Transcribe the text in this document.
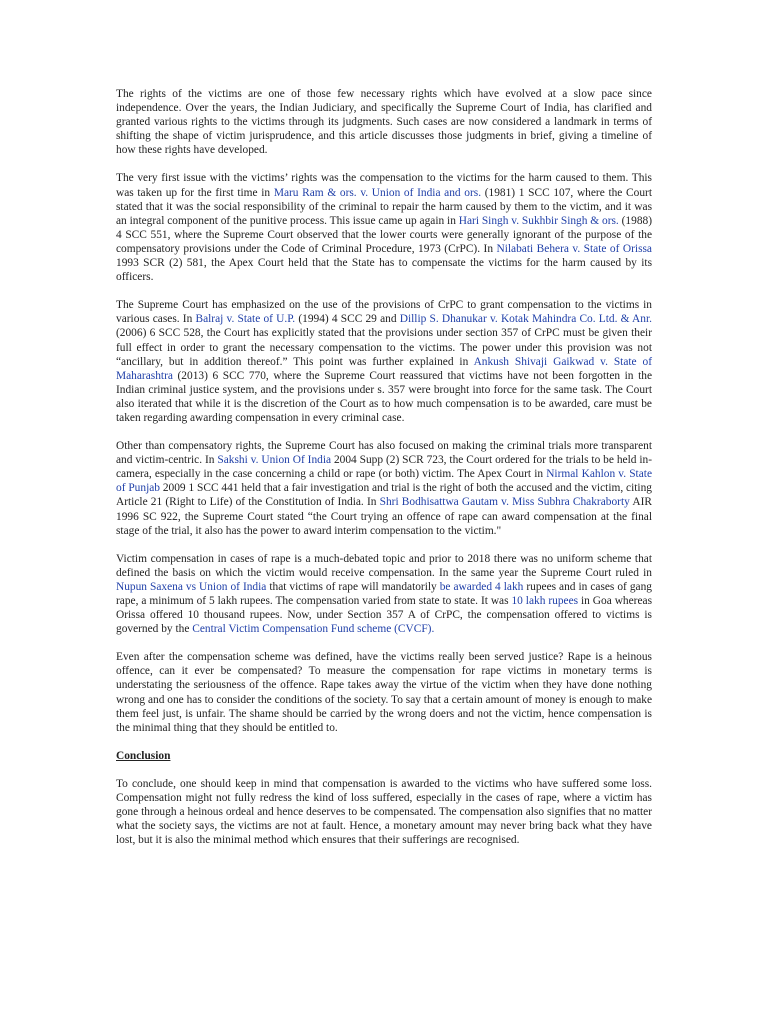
The rights of the victims are one of those few necessary rights which have evolved at a slow pace since independence. Over the years, the Indian Judiciary, and specifically the Supreme Court of India, has clarified and granted various rights to the victims through its judgments. Such cases are now considered a landmark in terms of shifting the shape of victim jurisprudence, and this article discusses those judgments in brief, giving a timeline of how these rights have developed.

The very first issue with the victims’ rights was the compensation to the victims for the harm caused to them. This was taken up for the first time in Maru Ram & ors. v. Union of India and ors. (1981) 1 SCC 107, where the Court stated that it was the social responsibility of the criminal to repair the harm caused by them to the victim, and it was an integral component of the punitive process. This issue came up again in Hari Singh v. Sukhbir Singh & ors. (1988) 4 SCC 551, where the Supreme Court observed that the lower courts were generally ignorant of the purpose of the compensatory provisions under the Code of Criminal Procedure, 1973 (CrPC). In Nilabati Behera v. State of Orissa 1993 SCR (2) 581, the Apex Court held that the State has to compensate the victims for the harm caused by its officers.

The Supreme Court has emphasized on the use of the provisions of CrPC to grant compensation to the victims in various cases. In Balraj v. State of U.P. (1994) 4 SCC 29 and Dillip S. Dhanukar v. Kotak Mahindra Co. Ltd. & Anr. (2006) 6 SCC 528, the Court has explicitly stated that the provisions under section 357 of CrPC must be given their full effect in order to grant the necessary compensation to the victims. The power under this provision was not “ancillary, but in addition thereof.” This point was further explained in Ankush Shivaji Gaikwad v. State of Maharashtra (2013) 6 SCC 770, where the Supreme Court reassured that victims have not been forgotten in the Indian criminal justice system, and the provisions under s. 357 were brought into force for the same task. The Court also iterated that while it is the discretion of the Court as to how much compensation is to be awarded, care must be taken regarding awarding compensation in every criminal case.

Other than compensatory rights, the Supreme Court has also focused on making the criminal trials more transparent and victim-centric. In Sakshi v. Union Of India 2004 Supp (2) SCR 723, the Court ordered for the trials to be held in-camera, especially in the case concerning a child or rape (or both) victim. The Apex Court in Nirmal Kahlon v. State of Punjab 2009 1 SCC 441 held that a fair investigation and trial is the right of both the accused and the victim, citing Article 21 (Right to Life) of the Constitution of India. In Shri Bodhisattwa Gautam v. Miss Subhra Chakraborty AIR 1996 SC 922, the Supreme Court stated “the Court trying an offence of rape can award compensation at the final stage of the trial, it also has the power to award interim compensation to the victim."

Victim compensation in cases of rape is a much-debated topic and prior to 2018 there was no uniform scheme that defined the basis on which the victim would receive compensation. In the same year the Supreme Court ruled in Nupun Saxena vs Union of India that victims of rape will mandatorily be awarded 4 lakh rupees and in cases of gang rape, a minimum of 5 lakh rupees. The compensation varied from state to state. It was 10 lakh rupees in Goa whereas Orissa offered 10 thousand rupees. Now, under Section 357 A of CrPC, the compensation offered to victims is governed by the Central Victim Compensation Fund scheme (CVCF).

Even after the compensation scheme was defined, have the victims really been served justice? Rape is a heinous offence, can it ever be compensated? To measure the compensation for rape victims in monetary terms is understating the seriousness of the offence. Rape takes away the virtue of the victim when they have done nothing wrong and one has to consider the conditions of the society. To say that a certain amount of money is enough to make them feel just, is unfair. The shame should be carried by the wrong doers and not the victim, hence compensation is the minimal thing that they should be entitled to.

Conclusion

To conclude, one should keep in mind that compensation is awarded to the victims who have suffered some loss. Compensation might not fully redress the kind of loss suffered, especially in the cases of rape, where a victim has gone through a heinous ordeal and hence deserves to be compensated. The compensation also signifies that no matter what the society says, the victims are not at fault. Hence, a monetary amount may never bring back what they have lost, but it is also the minimal method which ensures that their sufferings are recognised.
